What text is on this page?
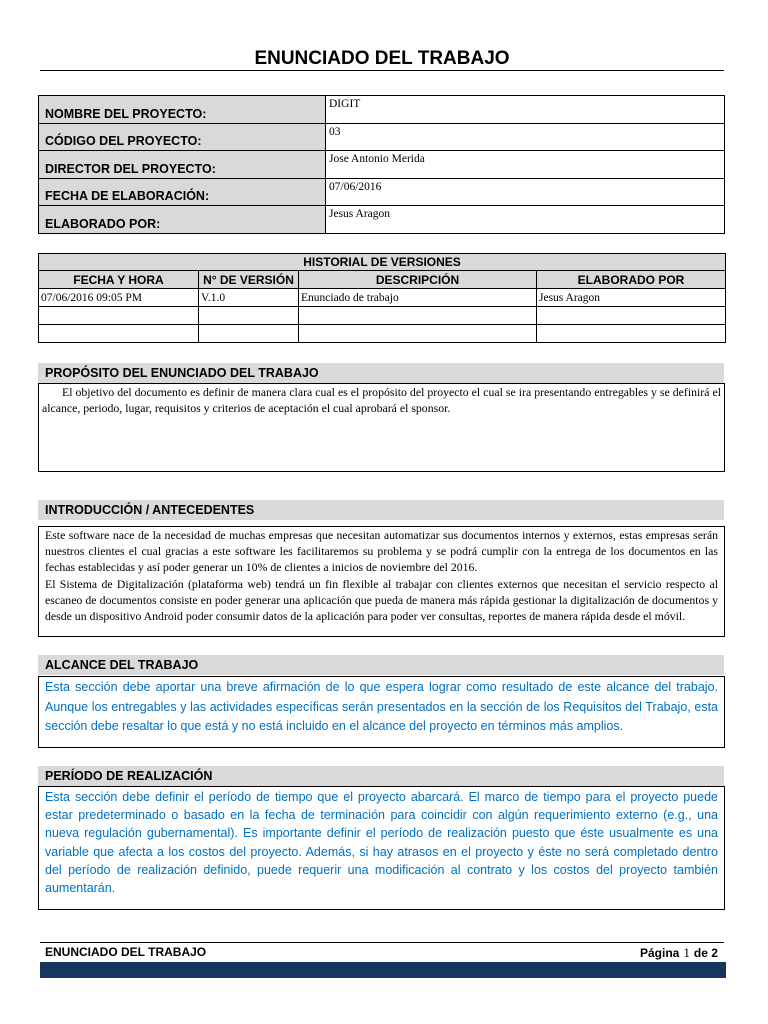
ENUNCIADO DEL TRABAJO
NOMBRE DEL PROYECTO:	DIGIT
CÓDIGO DEL PROYECTO:	03
DIRECTOR DEL PROYECTO:	Jose Antonio Merida
FECHA DE ELABORACIÓN:	07/06/2016
ELABORADO POR:	Jesus Aragon
HISTORIAL DE VERSIONES			
FECHA Y HORA	N° DE VERSIÓN	DESCRIPCIÓN	ELABORADO POR
07/06/2016 09:05 PM	V.1.0	Enunciado de trabajo	Jesus Aragon

PROPÓSITO DEL ENUNCIADO DEL TRABAJO

El objetivo del documento es definir de manera clara cual es el propósito del proyecto el cual se ira presentando entregables y se definirá el alcance, periodo, lugar, requisitos y criterios de aceptación el cual aprobará el sponsor.

INTRODUCCIÓN / ANTECEDENTES

Este software nace de la necesidad de muchas empresas que necesitan automatizar sus documentos internos y externos, estas empresas serán nuestros clientes el cual gracias a este software les facilitaremos su problema y se podrá cumplir con la entrega de los documentos en las fechas establecidas y así poder generar un 10% de clientes a inicios de noviembre del 2016.

El Sistema de Digitalización (plataforma web) tendrá un fin flexible al trabajar con clientes externos que necesitan el servicio respecto al escaneo de documentos consiste en poder generar una aplicación que pueda de manera más rápida gestionar la digitalización de documentos y desde un dispositivo Android poder consumir datos de la aplicación para poder ver consultas, reportes de manera rápida desde el móvil.

ALCANCE DEL TRABAJO

Esta sección debe aportar una breve afirmación de lo que espera lograr como resultado de este alcance del trabajo. Aunque los entregables y las actividades específicas serán presentados en la sección de los Requisitos del Trabajo, esta sección debe resaltar lo que está y no está incluido en el alcance del proyecto en términos más amplios.

PERÍODO DE REALIZACIÓN

Esta sección debe definir el período de tiempo que el proyecto abarcará. El marco de tiempo para el proyecto puede estar predeterminado o basado en la fecha de terminación para coincidir con algún requerimiento externo (e.g., una nueva regulación gubernamental). Es importante definir el período de realización puesto que éste usualmente es una variable que afecta a los costos del proyecto. Además, si hay atrasos en el proyecto y éste no será completado dentro del período de realización definido, puede requerir una modificación al contrato y los costos del proyecto también aumentarán.

ENUNCIADO DEL TRABAJO	Página 1 de 2
